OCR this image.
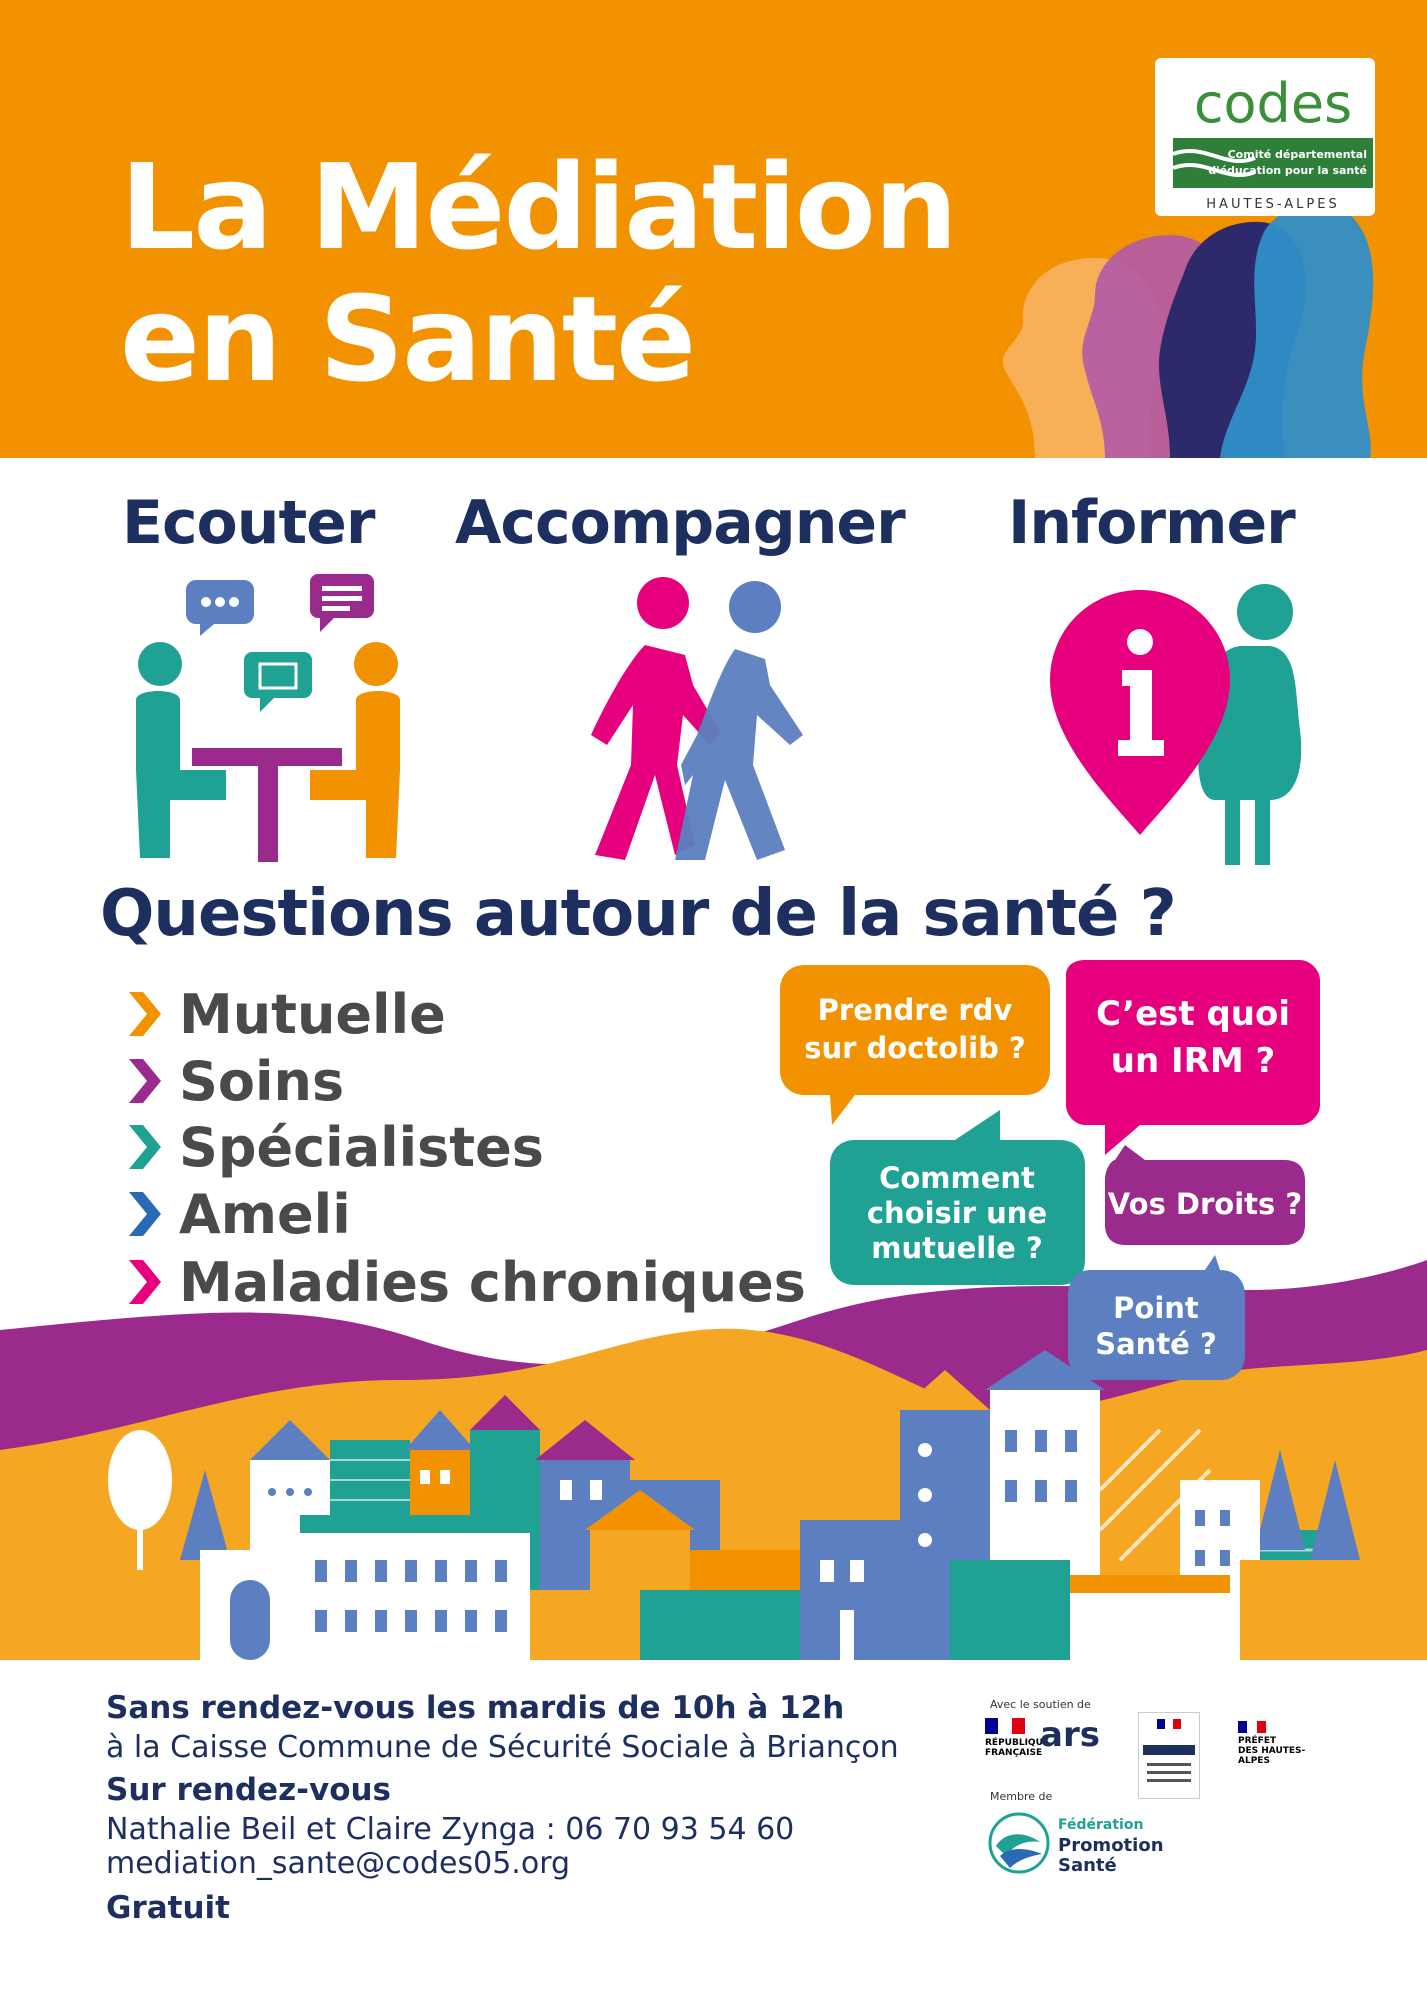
La Médiation
en Santé
codes
Comité départemental
d'éducation pour la santé
HAUTES-ALPES
Ecouter Accompagner Informer
Questions autour de la santé ?
Mutuelle
Soins
Spécialistes
Ameli
Maladies chroniques
Prendre rdv
sur doctolib ?
C’est quoi
un IRM ?
Comment
choisir une
mutuelle ?
Vos Droits ?
Point
Santé ?
Sans rendez-vous les mardis de 10h à 12h
à la Caisse Commune de Sécurité Sociale à Briançon
Sur rendez-vous
Nathalie Beil et Claire Zynga : 06 70 93 54 60
mediation_sante@codes05.org
Gratuit
Avec le soutien de
RÉPUBLIQUE
FRANÇAISE
ars	PRÉFET
DES HAUTES-
ALPES
Membre de
Fédération
Promotion
Santé
